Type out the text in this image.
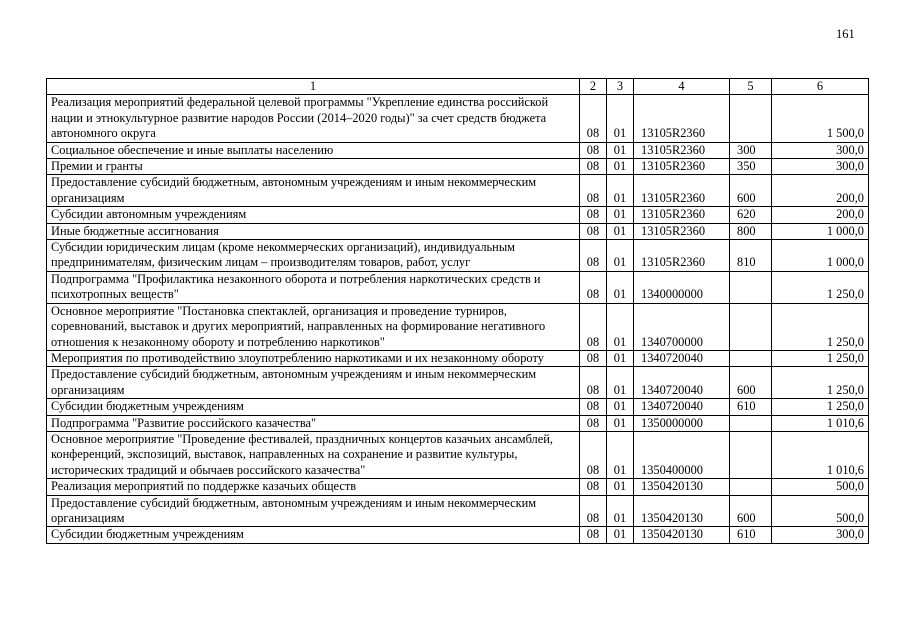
161
1	2	3	4	5	6
Реализация мероприятий федеральной целевой программы "Укрепление единства российской нации и этнокультурное развитие народов России (2014–2020 годы)" за счет средств бюджета автономного округа	08	01	13105R2360		1 500,0
Социальное обеспечение и иные выплаты населению	08	01	13105R2360	300	300,0
Премии и гранты	08	01	13105R2360	350	300,0
Предоставление субсидий бюджетным, автономным учреждениям и иным некоммерческим организациям	08	01	13105R2360	600	200,0
Субсидии автономным учреждениям	08	01	13105R2360	620	200,0
Иные бюджетные ассигнования	08	01	13105R2360	800	1 000,0
Субсидии юридическим лицам (кроме некоммерческих организаций), индивидуальным предпринимателям, физическим лицам – производителям товаров, работ, услуг	08	01	13105R2360	810	1 000,0
Подпрограмма "Профилактика незаконного оборота и потребления наркотических средств и психотропных веществ"	08	01	1340000000		1 250,0
Основное мероприятие "Постановка спектаклей, организация и проведение турниров, соревнований, выставок и других мероприятий, направленных на формирование негативного отношения к незаконному обороту и потреблению наркотиков"	08	01	1340700000		1 250,0
Мероприятия по противодействию злоупотреблению наркотиками и их незаконному обороту	08	01	1340720040		1 250,0
Предоставление субсидий бюджетным, автономным учреждениям и иным некоммерческим организациям	08	01	1340720040	600	1 250,0
Субсидии бюджетным учреждениям	08	01	1340720040	610	1 250,0
Подпрограмма "Развитие российского казачества"	08	01	1350000000		1 010,6
Основное мероприятие "Проведение фестивалей, праздничных концертов казачьих ансамблей, конференций, экспозиций, выставок, направленных на сохранение и развитие культуры, исторических традиций и обычаев российского казачества"	08	01	1350400000		1 010,6
Реализация мероприятий по поддержке казачьих обществ	08	01	1350420130		500,0
Предоставление субсидий бюджетным, автономным учреждениям и иным некоммерческим организациям	08	01	1350420130	600	500,0
Субсидии бюджетным учреждениям	08	01	1350420130	610	300,0
